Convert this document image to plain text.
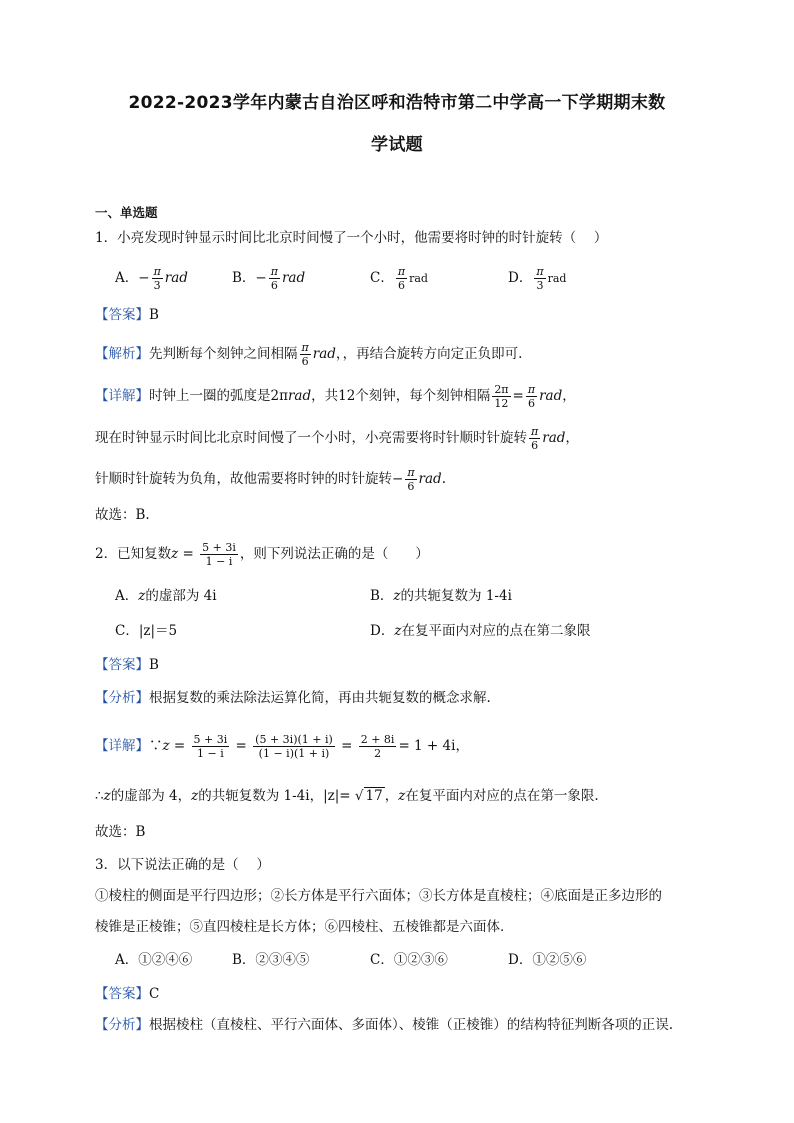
2022-2023学年内蒙古自治区呼和浩特市第二中学高一下学期期末数
学试题
一、单选题
1．小亮发现时钟显示时间比北京时间慢了一个小时，他需要将时钟的时针旋转（　 ）
A．− $\frac{\pi}{3}$ rad	B．− $\frac{\pi}{6}$ rad	C． $\frac{\pi}{6}$ rad	D． $\frac{\pi}{3}$ rad
【答案】B
【解析】先判断每个刻钟之间相隔 $\frac{\pi}{6}$ rad，，再结合旋转方向定正负即可.
【详解】时钟上一圈的弧度是2πrad，共12个刻钟，每个刻钟相隔 $\frac{2\pi}{12} = \frac{\pi}{6}$ rad，
现在时钟显示时间比北京时间慢了一个小时，小亮需要将时针顺时针旋转 $\frac{\pi}{6}$ rad，
针顺时针旋转为负角，故他需要将时钟的时针旋转− $\frac{\pi}{6}$ rad.
故选：B.
2．已知复数$z = \frac{5 + 3i}{1 - i}$ ，则下列说法正确的是（　　）
A．z的虚部为 4i	B．z的共轭复数为 1-4i
C．|z|＝5	D．z在复平面内对应的点在第二象限
【答案】B
【分析】根据复数的乘法除法运算化简，再由共轭复数的概念求解.
【详解】∵z = $\frac{5 + 3i}{1 - i} = \frac{(5 + 3i)(1 + i)}{(1 - i)(1 + i)} = \frac{2 + 8i}{2} = 1 + 4i$，
∴z的虚部为 4，z的共轭复数为 1-4i，|z|= √ 17 ，z在复平面内对应的点在第一象限.
故选：B
3．以下说法正确的是（　 ）
①棱柱的侧面是平行四边形；②长方体是平行六面体；③长方体是直棱柱；④底面是正多边形的
棱锥是正棱锥；⑤直四棱柱是长方体；⑥四棱柱、五棱锥都是六面体．
A．①②④⑥	B．②③④⑤	C．①②③⑥	D．①②⑤⑥
【答案】C
【分析】根据棱柱（直棱柱、平行六面体、多面体）、棱锥（正棱锥）的结构特征判断各项的正误.
